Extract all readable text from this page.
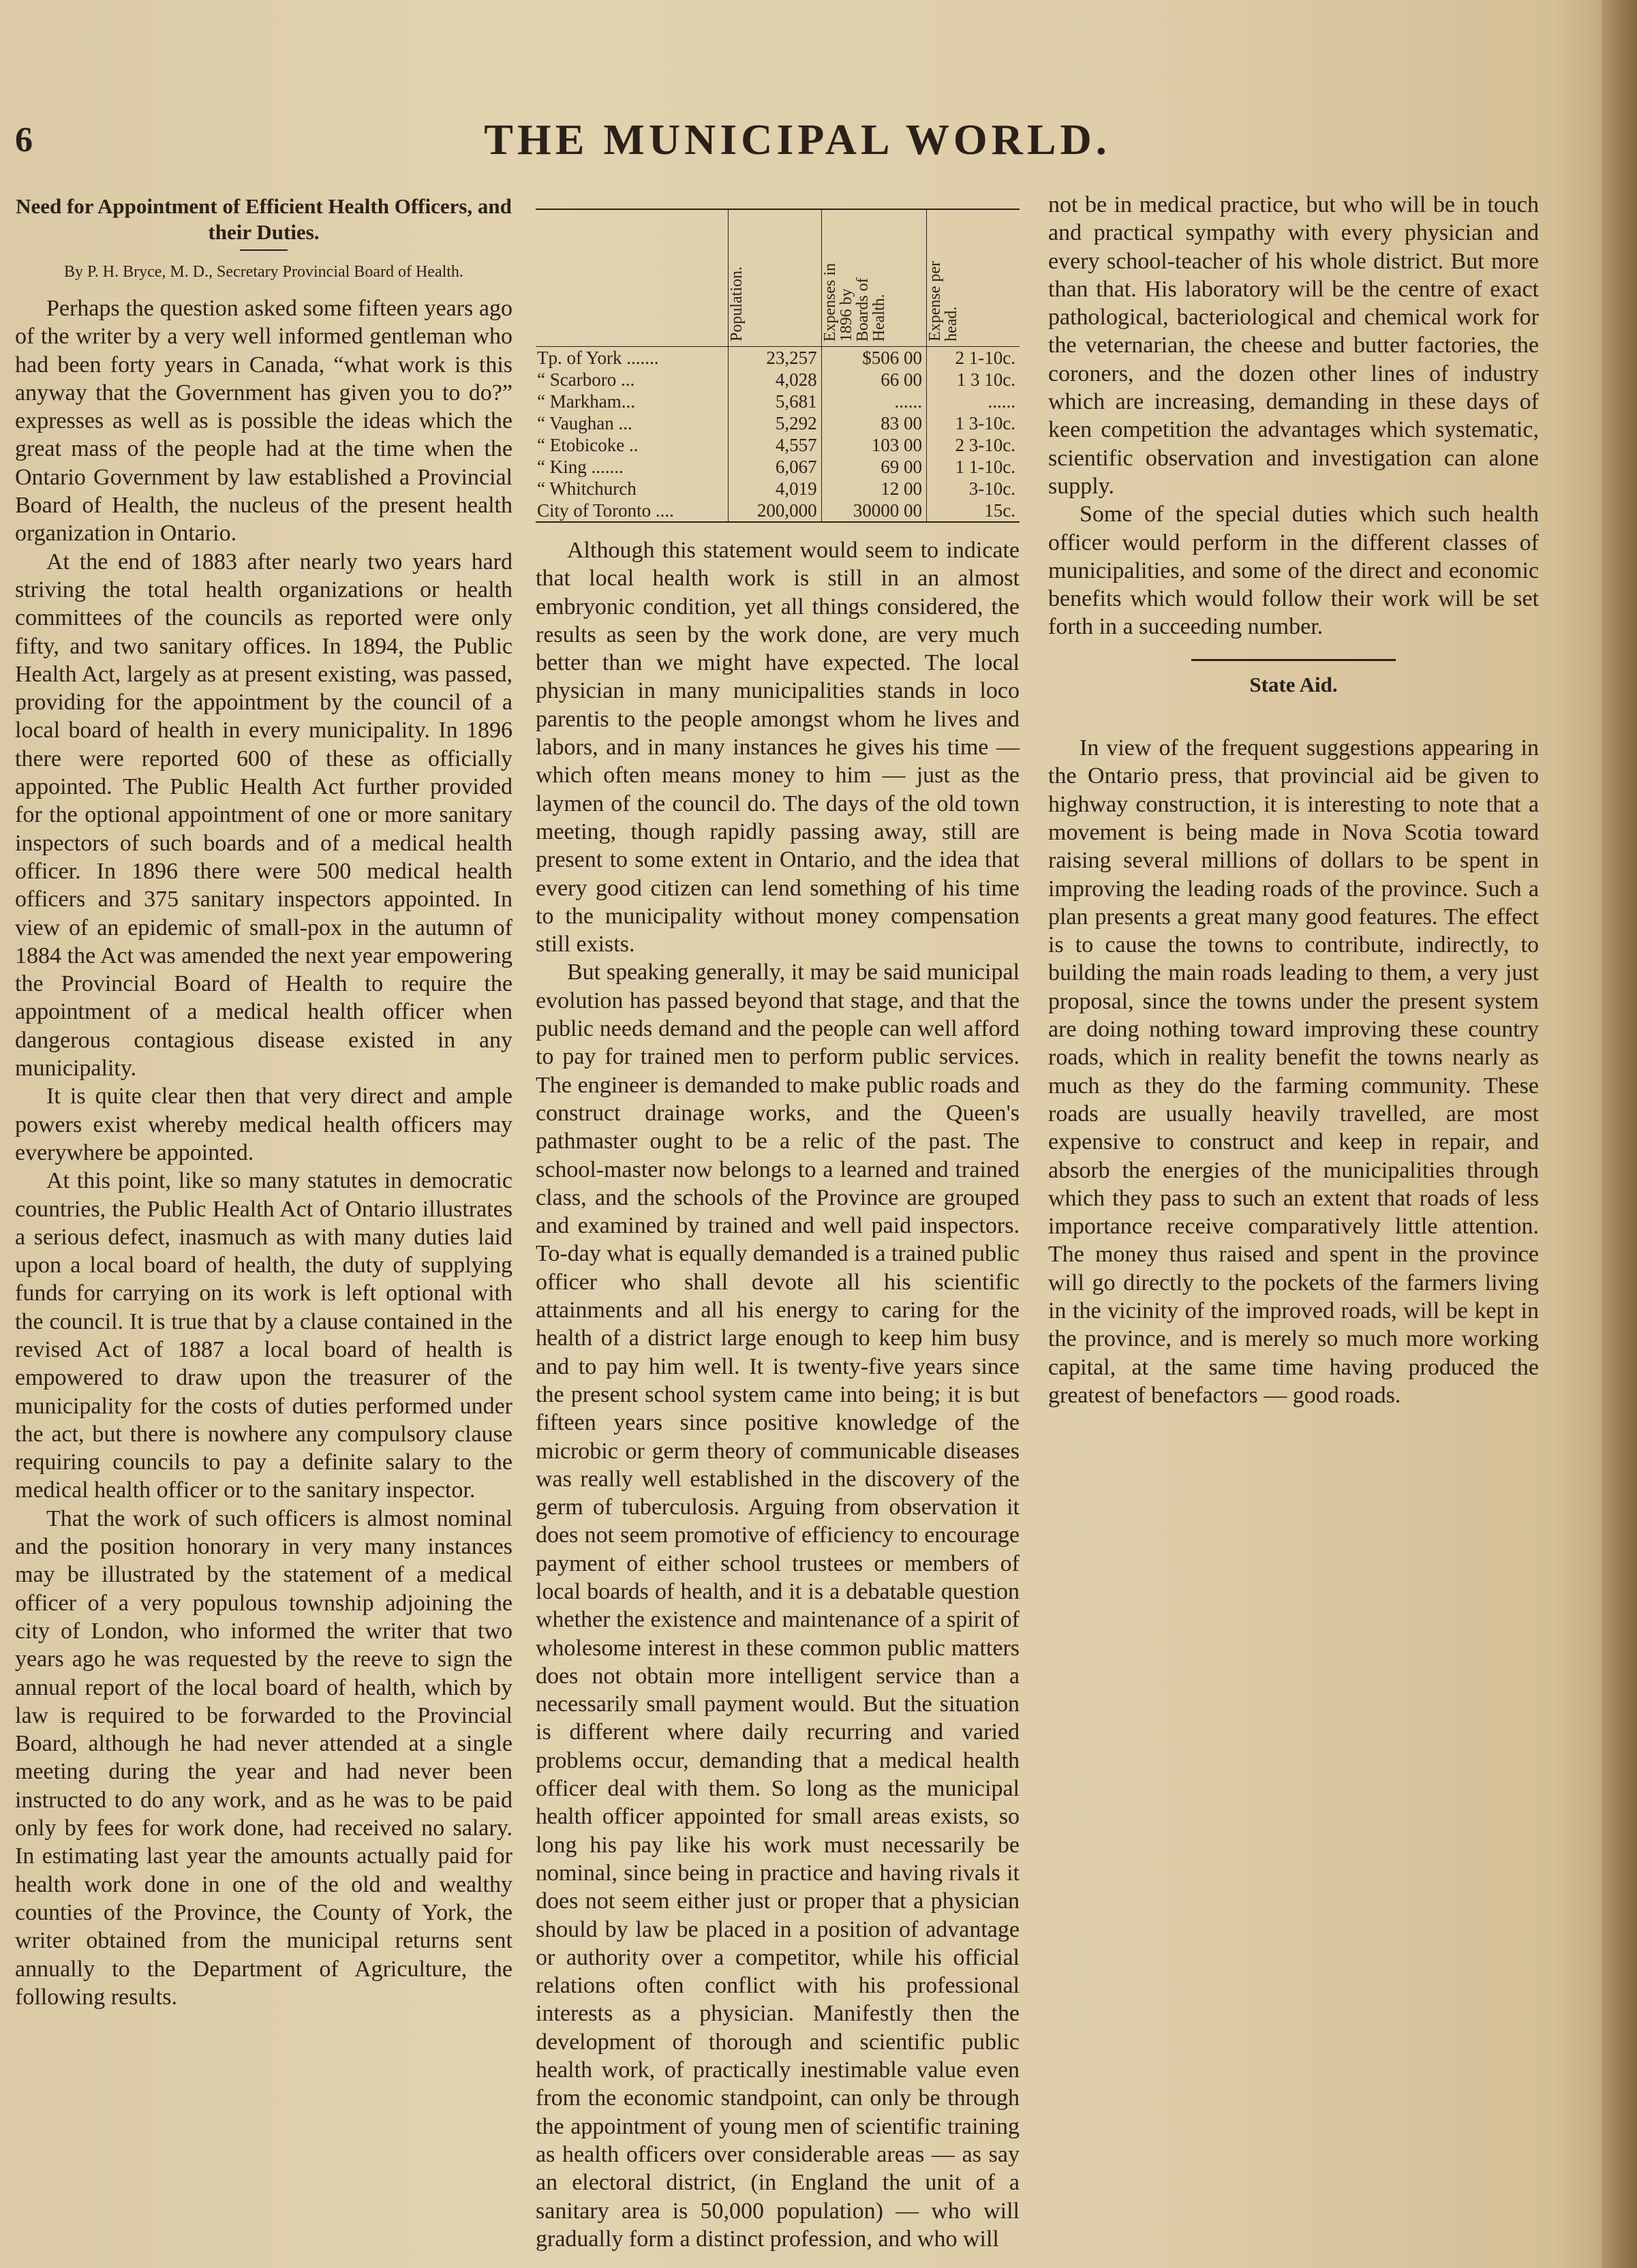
6	THE MUNICIPAL WORLD.
Need for Appointment of Efficient Health Officers, and their Duties.
By P. H. Bryce, M. D., Secretary Provincial Board of Health.

Perhaps the question asked some fifteen years ago of the writer by a very well informed gentleman who had been forty years in Canada, “what work is this anyway that the Government has given you to do?” expresses as well as is possible the ideas which the great mass of the people had at the time when the Ontario Government by law established a Provincial Board of Health, the nucleus of the present health organization in Ontario.

At the end of 1883 after nearly two years hard striving the total health organizations or health committees of the councils as reported were only fifty, and two sanitary offices. In 1894, the Public Health Act, largely as at present existing, was passed, providing for the appointment by the council of a local board of health in every municipality. In 1896 there were reported 600 of these as officially appointed. The Public Health Act further provided for the optional appointment of one or more sanitary inspectors of such boards and of a medical health officer. In 1896 there were 500 medical health officers and 375 sanitary inspectors appointed. In view of an epidemic of small-pox in the autumn of 1884 the Act was amended the next year empowering the Provincial Board of Health to require the appointment of a medical health officer when dangerous contagious disease existed in any municipality.

It is quite clear then that very direct and ample powers exist whereby medical health officers may everywhere be appointed.

At this point, like so many statutes in democratic countries, the Public Health Act of Ontario illustrates a serious defect, inasmuch as with many duties laid upon a local board of health, the duty of supplying funds for carrying on its work is left optional with the council. It is true that by a clause contained in the revised Act of 1887 a local board of health is empowered to draw upon the treasurer of the municipality for the costs of duties performed under the act, but there is nowhere any compulsory clause requiring councils to pay a definite salary to the medical health officer or to the sanitary inspector.

That the work of such officers is almost nominal and the position honorary in very many instances may be illustrated by the statement of a medical officer of a very populous township adjoining the city of London, who informed the writer that two years ago he was requested by the reeve to sign the annual report of the local board of health, which by law is required to be forwarded to the Provincial Board, although he had never attended at a single meeting during the year and had never been instructed to do any work, and as he was to be paid only by fees for work done, had received no salary. In estimating last year the amounts actually paid for health work done in one of the old and wealthy counties of the Province, the County of York, the writer obtained from the municipal returns sent annually to the Department of Agriculture, the following results.

	Population.	Expenses in
1896 by
Boards of
Health.	Expense per
head.
Tp. of York .......	23,257	$506 00	2 1-10c.
“ Scarboro ...	4,028	66 00	1 3 10c.
“ Markham...	5,681	......	......
“ Vaughan ...	5,292	83 00	1 3-10c.
“ Etobicoke ..	4,557	103 00	2 3-10c.
“ King .......	6,067	69 00	1 1-10c.
“ Whitchurch	4,019	12 00	3-10c.
City of Toronto ....	200,000	30000 00	15c.

Although this statement would seem to indicate that local health work is still in an almost embryonic condition, yet all things considered, the results as seen by the work done, are very much better than we might have expected. The local physician in many municipalities stands in loco parentis to the people amongst whom he lives and labors, and in many instances he gives his time — which often means money to him — just as the laymen of the council do. The days of the old town meeting, though rapidly passing away, still are present to some extent in Ontario, and the idea that every good citizen can lend something of his time to the municipality without money compensation still exists.

But speaking generally, it may be said municipal evolution has passed beyond that stage, and that the public needs demand and the people can well afford to pay for trained men to perform public services. The engineer is demanded to make public roads and construct drainage works, and the Queen's pathmaster ought to be a relic of the past. The school-master now belongs to a learned and trained class, and the schools of the Province are grouped and examined by trained and well paid inspectors. To-day what is equally demanded is a trained public officer who shall devote all his scientific attainments and all his energy to caring for the health of a district large enough to keep him busy and to pay him well. It is twenty-five years since the present school system came into being; it is but fifteen years since positive knowledge of the microbic or germ theory of communicable diseases was really well established in the discovery of the germ of tuberculosis. Arguing from observation it does not seem promotive of efficiency to encourage payment of either school trustees or members of local boards of health, and it is a debatable question whether the existence and maintenance of a spirit of wholesome interest in these common public matters does not obtain more intelligent service than a necessarily small payment would. But the situation is different where daily recurring and varied problems occur, demanding that a medical health officer deal with them. So long as the municipal health officer appointed for small areas exists, so long his pay like his work must necessarily be nominal, since being in practice and having rivals it does not seem either just or proper that a physician should by law be placed in a position of advantage or authority over a competitor, while his official relations often conflict with his professional interests as a physician. Manifestly then the development of thorough and scientific public health work, of practically inestimable value even from the economic standpoint, can only be through the appointment of young men of scientific training as health officers over considerable areas — as say an electoral district, (in England the unit of a sanitary area is 50,000 population) — who will gradually form a distinct profession, and who will

not be in medical practice, but who will be in touch and practical sympathy with every physician and every school-teacher of his whole district. But more than that. His laboratory will be the centre of exact pathological, bacteriological and chemical work for the veternarian, the cheese and butter factories, the coroners, and the dozen other lines of industry which are increasing, demanding in these days of keen competition the advantages which systematic, scientific observation and investigation can alone supply.

Some of the special duties which such health officer would perform in the different classes of municipalities, and some of the direct and economic benefits which would follow their work will be set forth in a succeeding number.

State Aid.

In view of the frequent suggestions appearing in the Ontario press, that provincial aid be given to highway construction, it is interesting to note that a movement is being made in Nova Scotia toward raising several millions of dollars to be spent in improving the leading roads of the province. Such a plan presents a great many good features. The effect is to cause the towns to contribute, indirectly, to building the main roads leading to them, a very just proposal, since the towns under the present system are doing nothing toward improving these country roads, which in reality benefit the towns nearly as much as they do the farming community. These roads are usually heavily travelled, are most expensive to construct and keep in repair, and absorb the energies of the municipalities through which they pass to such an extent that roads of less importance receive comparatively little attention. The money thus raised and spent in the province will go directly to the pockets of the farmers living in the vicinity of the improved roads, will be kept in the province, and is merely so much more working capital, at the same time having produced the greatest of benefactors — good roads.
